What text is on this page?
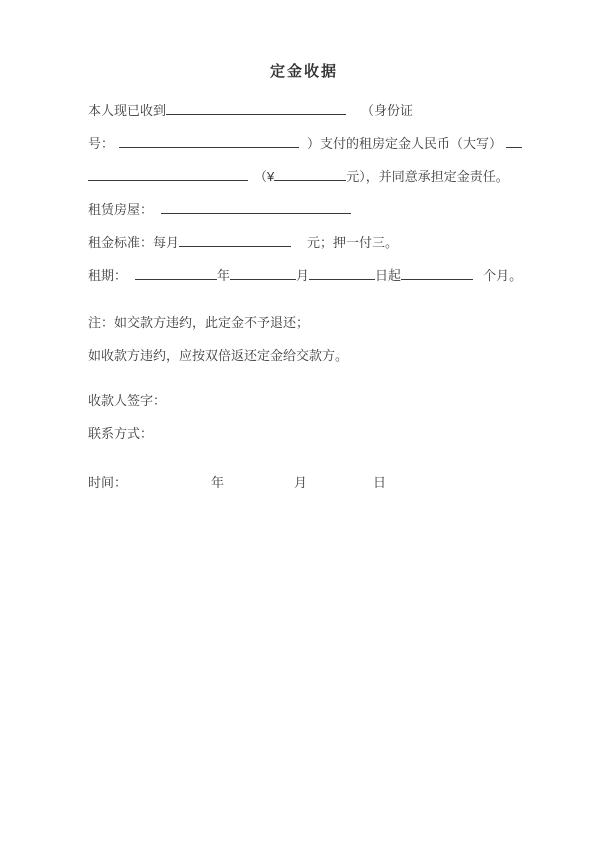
定金收据

本人现已收到	（身份证

号：	）支付的租房定金人民币（大写）

（¥	元），并同意承担定金责任。

租赁房屋：

租金标准：每月	元；押一付三。

租期：	年	月	日起	个月。

注：如交款方违约，此定金不予退还；

如收款方违约，应按双倍返还定金给交款方。

收款人签字：

联系方式：

时间：	年	月	日
